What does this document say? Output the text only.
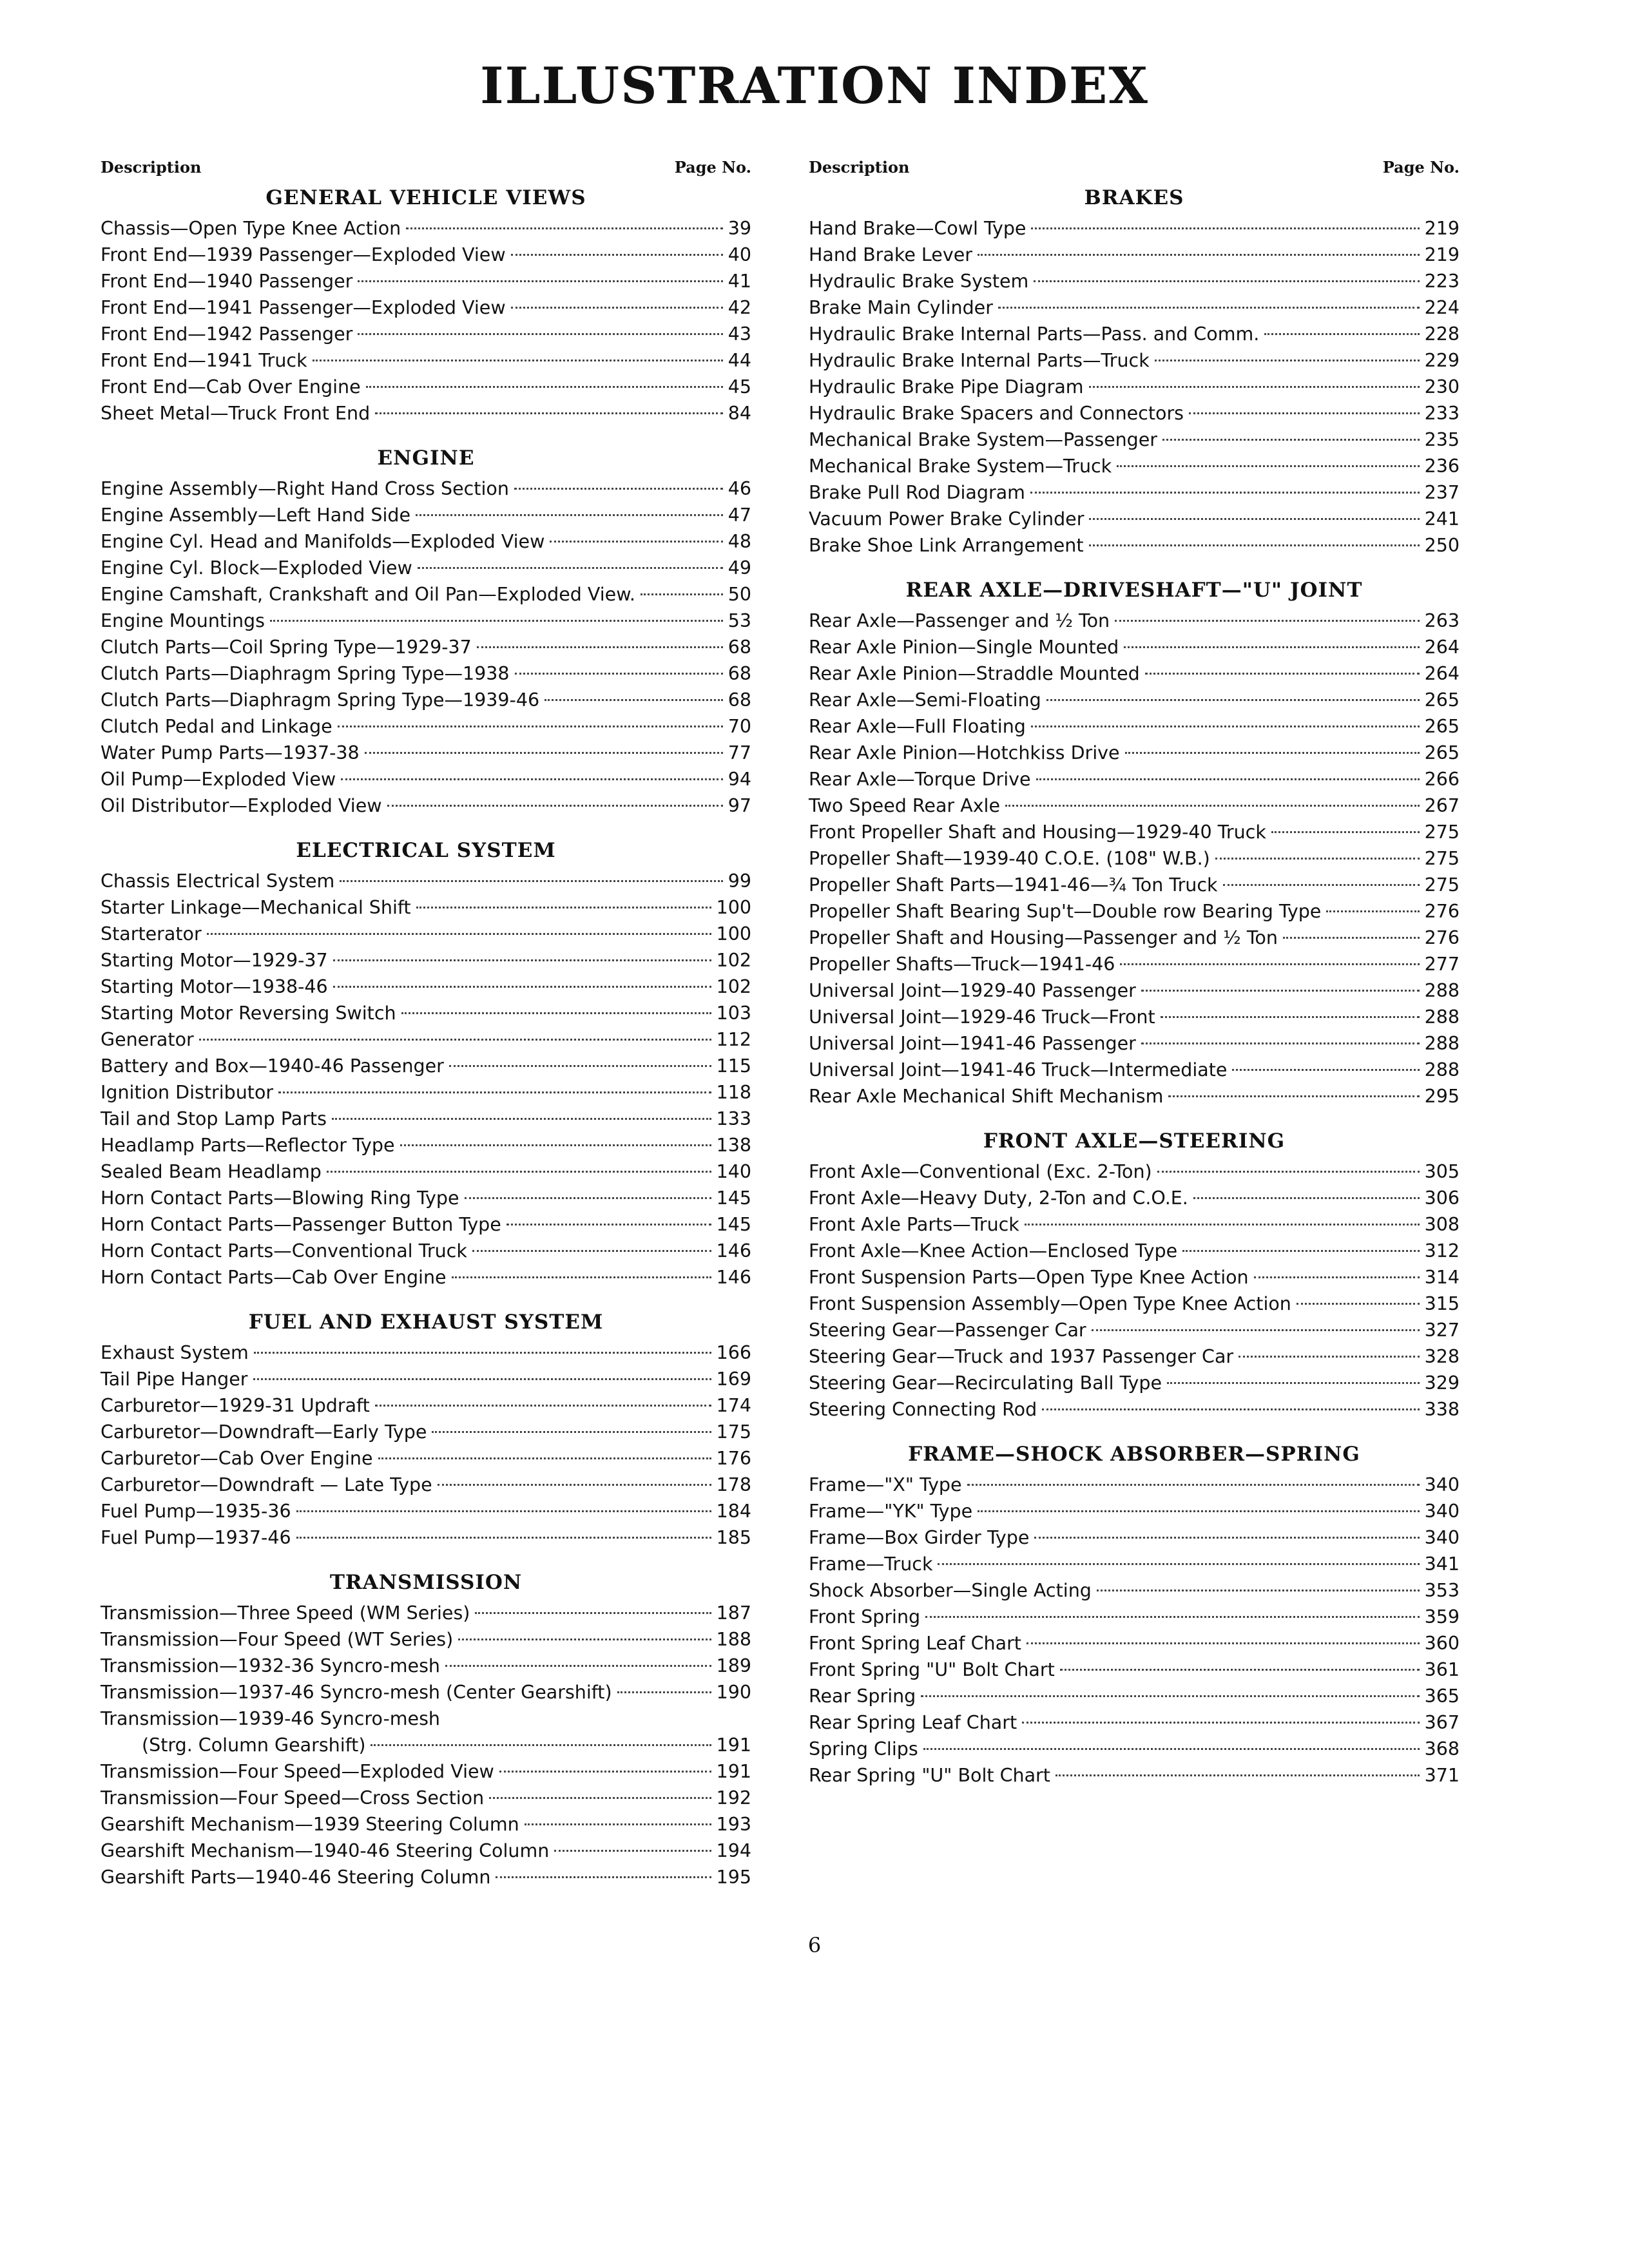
ILLUSTRATION INDEX
Description	Page No.
GENERAL VEHICLE VIEWS
Chassis—Open Type Knee Action	39
Front End—1939 Passenger—Exploded View	40
Front End—1940 Passenger	41
Front End—1941 Passenger—Exploded View	42
Front End—1942 Passenger	43
Front End—1941 Truck	44
Front End—Cab Over Engine	45
Sheet Metal—Truck Front End	84
ENGINE
Engine Assembly—Right Hand Cross Section	46
Engine Assembly—Left Hand Side	47
Engine Cyl. Head and Manifolds—Exploded View	48
Engine Cyl. Block—Exploded View	49
Engine Camshaft, Crankshaft and Oil Pan—Exploded View.	50
Engine Mountings	53
Clutch Parts—Coil Spring Type—1929-37	68
Clutch Parts—Diaphragm Spring Type—1938	68
Clutch Parts—Diaphragm Spring Type—1939-46	68
Clutch Pedal and Linkage	70
Water Pump Parts—1937-38	77
Oil Pump—Exploded View	94
Oil Distributor—Exploded View	97
ELECTRICAL SYSTEM
Chassis Electrical System	99
Starter Linkage—Mechanical Shift	100
Starterator	100
Starting Motor—1929-37	102
Starting Motor—1938-46	102
Starting Motor Reversing Switch	103
Generator	112
Battery and Box—1940-46 Passenger	115
Ignition Distributor	118
Tail and Stop Lamp Parts	133
Headlamp Parts—Reflector Type	138
Sealed Beam Headlamp	140
Horn Contact Parts—Blowing Ring Type	145
Horn Contact Parts—Passenger Button Type	145
Horn Contact Parts—Conventional Truck	146
Horn Contact Parts—Cab Over Engine	146
FUEL AND EXHAUST SYSTEM
Exhaust System	166
Tail Pipe Hanger	169
Carburetor—1929-31 Updraft	174
Carburetor—Downdraft—Early Type	175
Carburetor—Cab Over Engine	176
Carburetor—Downdraft — Late Type	178
Fuel Pump—1935-36	184
Fuel Pump—1937-46	185
TRANSMISSION
Transmission—Three Speed (WM Series)	187
Transmission—Four Speed (WT Series)	188
Transmission—1932-36 Syncro-mesh	189
Transmission—1937-46 Syncro-mesh (Center Gearshift)	190
Transmission—1939-46 Syncro-mesh
(Strg. Column Gearshift)	191
Transmission—Four Speed—Exploded View	191
Transmission—Four Speed—Cross Section	192
Gearshift Mechanism—1939 Steering Column	193
Gearshift Mechanism—1940-46 Steering Column	194
Gearshift Parts—1940-46 Steering Column	195
Description	Page No.
BRAKES
Hand Brake—Cowl Type	219
Hand Brake Lever	219
Hydraulic Brake System	223
Brake Main Cylinder	224
Hydraulic Brake Internal Parts—Pass. and Comm.	228
Hydraulic Brake Internal Parts—Truck	229
Hydraulic Brake Pipe Diagram	230
Hydraulic Brake Spacers and Connectors	233
Mechanical Brake System—Passenger	235
Mechanical Brake System—Truck	236
Brake Pull Rod Diagram	237
Vacuum Power Brake Cylinder	241
Brake Shoe Link Arrangement	250
REAR AXLE—DRIVESHAFT—"U" JOINT
Rear Axle—Passenger and ½ Ton	263
Rear Axle Pinion—Single Mounted	264
Rear Axle Pinion—Straddle Mounted	264
Rear Axle—Semi-Floating	265
Rear Axle—Full Floating	265
Rear Axle Pinion—Hotchkiss Drive	265
Rear Axle—Torque Drive	266
Two Speed Rear Axle	267
Front Propeller Shaft and Housing—1929-40 Truck	275
Propeller Shaft—1939-40 C.O.E. (108" W.B.)	275
Propeller Shaft Parts—1941-46—¾ Ton Truck	275
Propeller Shaft Bearing Sup't—Double row Bearing Type	276
Propeller Shaft and Housing—Passenger and ½ Ton	276
Propeller Shafts—Truck—1941-46	277
Universal Joint—1929-40 Passenger	288
Universal Joint—1929-46 Truck—Front	288
Universal Joint—1941-46 Passenger	288
Universal Joint—1941-46 Truck—Intermediate	288
Rear Axle Mechanical Shift Mechanism	295
FRONT AXLE—STEERING
Front Axle—Conventional (Exc. 2-Ton)	305
Front Axle—Heavy Duty, 2-Ton and C.O.E.	306
Front Axle Parts—Truck	308
Front Axle—Knee Action—Enclosed Type	312
Front Suspension Parts—Open Type Knee Action	314
Front Suspension Assembly—Open Type Knee Action	315
Steering Gear—Passenger Car	327
Steering Gear—Truck and 1937 Passenger Car	328
Steering Gear—Recirculating Ball Type	329
Steering Connecting Rod	338
FRAME—SHOCK ABSORBER—SPRING
Frame—"X" Type	340
Frame—"YK" Type	340
Frame—Box Girder Type	340
Frame—Truck	341
Shock Absorber—Single Acting	353
Front Spring	359
Front Spring Leaf Chart	360
Front Spring "U" Bolt Chart	361
Rear Spring	365
Rear Spring Leaf Chart	367
Spring Clips	368
Rear Spring "U" Bolt Chart	371
6
